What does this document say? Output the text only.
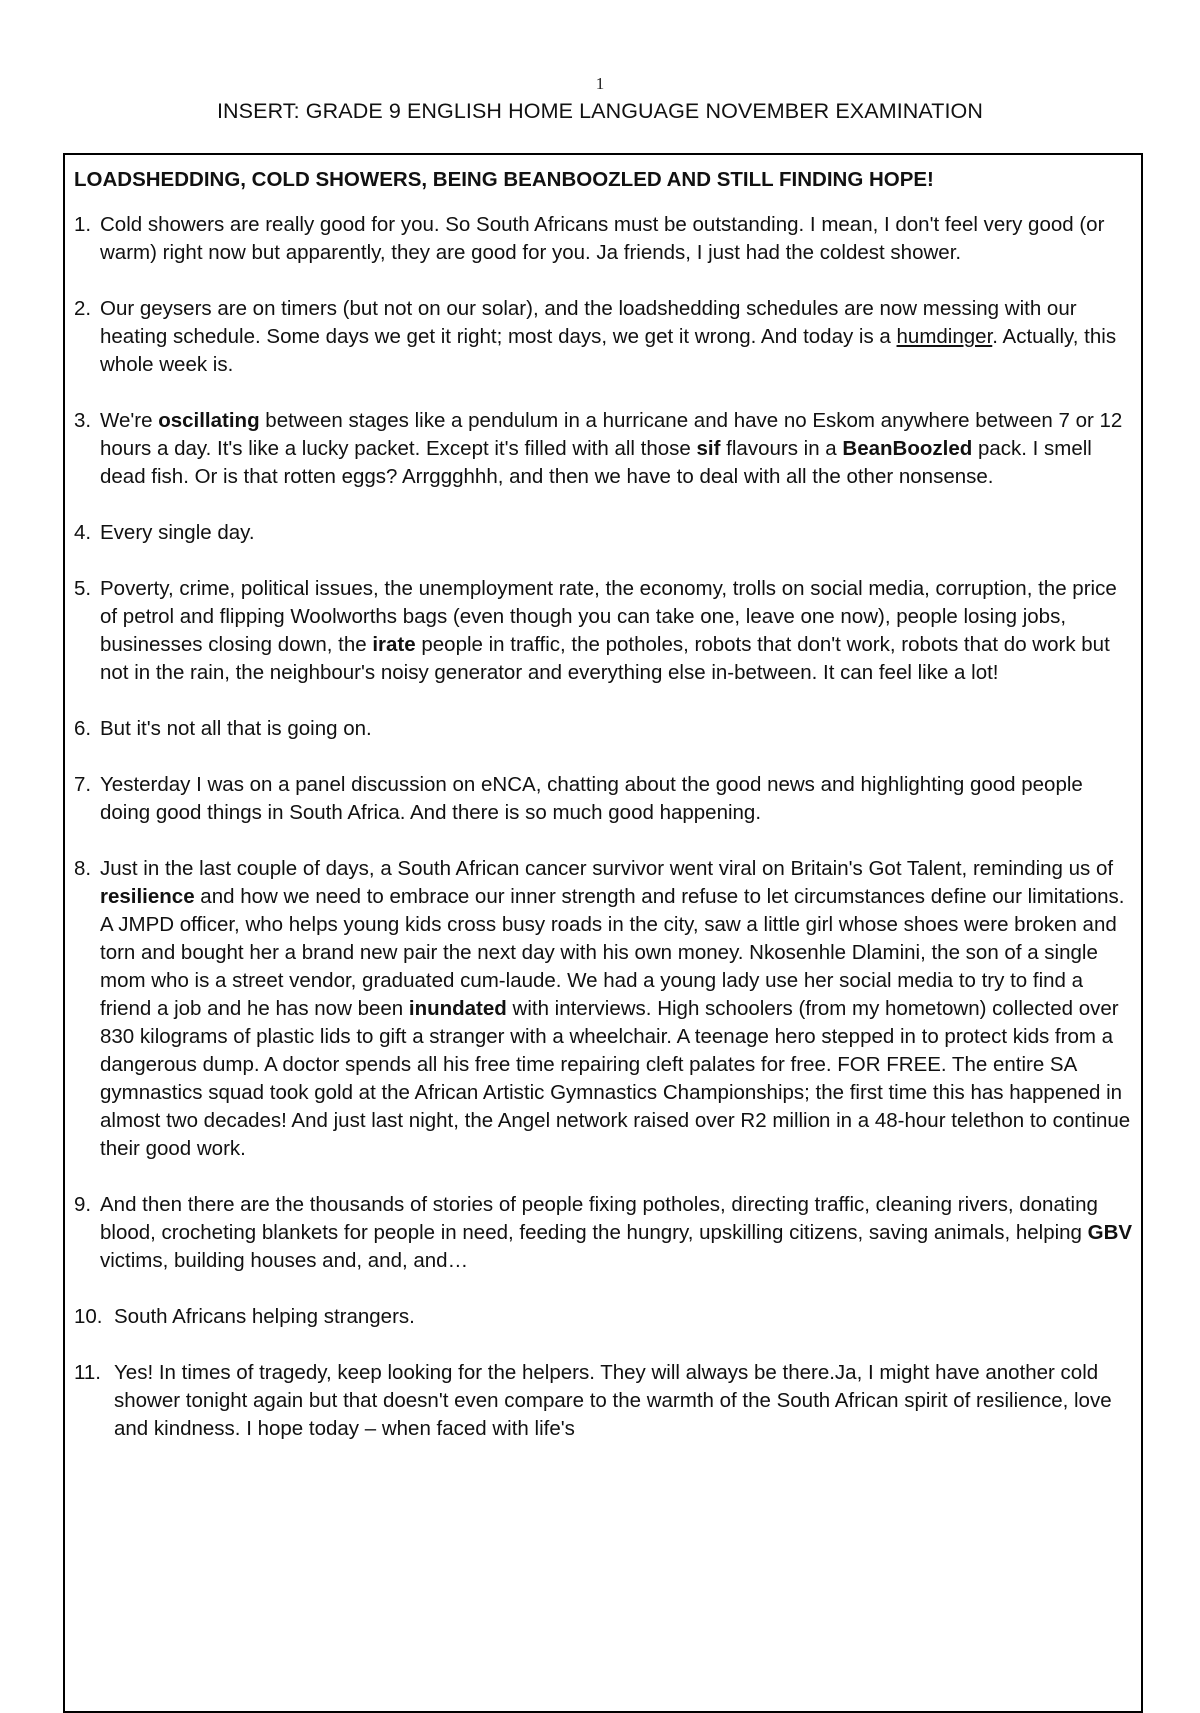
1
INSERT: GRADE 9 ENGLISH HOME LANGUAGE NOVEMBER EXAMINATION
LOADSHEDDING, COLD SHOWERS, BEING BEANBOOZLED AND STILL FINDING HOPE!
1. Cold showers are really good for you. So South Africans must be outstanding. I mean, I don't feel very good (or warm) right now but apparently, they are good for you. Ja friends, I just had the coldest shower.
2. Our geysers are on timers (but not on our solar), and the loadshedding schedules are now messing with our heating schedule. Some days we get it right; most days, we get it wrong. And today is a humdinger. Actually, this whole week is.
3. We're oscillating between stages like a pendulum in a hurricane and have no Eskom anywhere between 7 or 12 hours a day. It's like a lucky packet. Except it's filled with all those sif flavours in a BeanBoozled pack. I smell dead fish. Or is that rotten eggs? Arrggghhh, and then we have to deal with all the other nonsense.
4. Every single day.
5. Poverty, crime, political issues, the unemployment rate, the economy, trolls on social media, corruption, the price of petrol and flipping Woolworths bags (even though you can take one, leave one now), people losing jobs, businesses closing down, the irate people in traffic, the potholes, robots that don't work, robots that do work but not in the rain, the neighbour's noisy generator and everything else in-between. It can feel like a lot!
6. But it's not all that is going on.
7. Yesterday I was on a panel discussion on eNCA, chatting about the good news and highlighting good people doing good things in South Africa. And there is so much good happening.
8. Just in the last couple of days, a South African cancer survivor went viral on Britain's Got Talent, reminding us of resilience and how we need to embrace our inner strength and refuse to let circumstances define our limitations. A JMPD officer, who helps young kids cross busy roads in the city, saw a little girl whose shoes were broken and torn and bought her a brand new pair the next day with his own money. Nkosenhle Dlamini, the son of a single mom who is a street vendor, graduated cum-laude. We had a young lady use her social media to try to find a friend a job and he has now been inundated with interviews. High schoolers (from my hometown) collected over 830 kilograms of plastic lids to gift a stranger with a wheelchair. A teenage hero stepped in to protect kids from a dangerous dump. A doctor spends all his free time repairing cleft palates for free. FOR FREE. The entire SA gymnastics squad took gold at the African Artistic Gymnastics Championships; the first time this has happened in almost two decades! And just last night, the Angel network raised over R2 million in a 48-hour telethon to continue their good work.
9. And then there are the thousands of stories of people fixing potholes, directing traffic, cleaning rivers, donating blood, crocheting blankets for people in need, feeding the hungry, upskilling citizens, saving animals, helping GBV victims, building houses and, and, and…
10. South Africans helping strangers.
11. Yes! In times of tragedy, keep looking for the helpers. They will always be there.Ja, I might have another cold shower tonight again but that doesn't even compare to the warmth of the South African spirit of resilience, love and kindness. I hope today – when faced with life's
